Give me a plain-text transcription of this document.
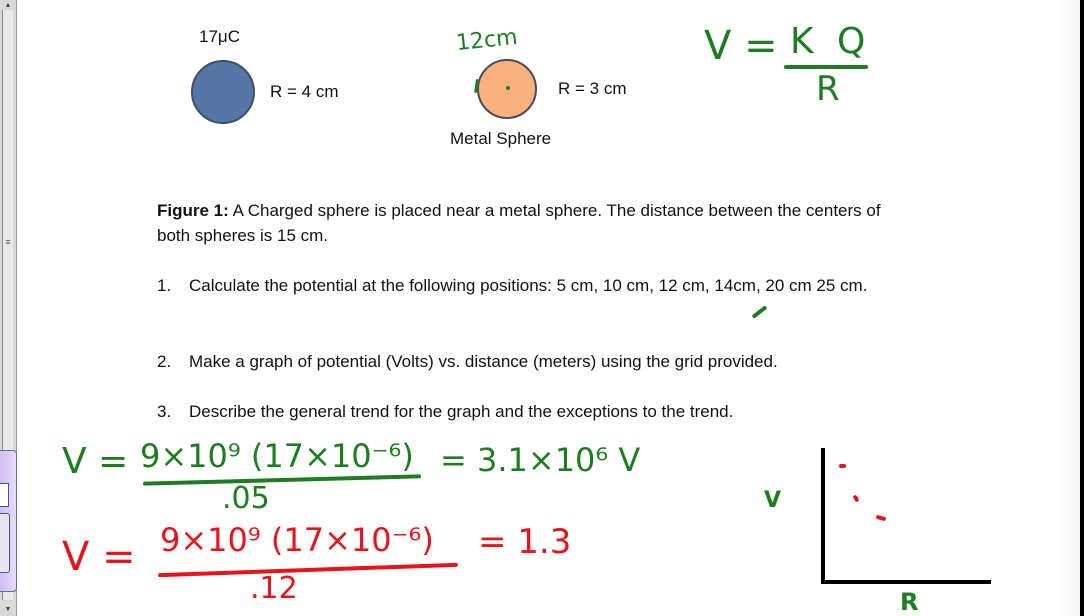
▲
≡
▼
17μC
R = 4 cm	R = 3 cm
Metal Sphere
12cm	V = K Q
R
Figure 1: A Charged sphere is placed near a metal sphere. The distance between the centers of both spheres is 15 cm.
1. Calculate the potential at the following positions: 5 cm, 10 cm, 12 cm, 14cm, 20 cm 25 cm.
2. Make a graph of potential (Volts) vs. distance (meters) using the grid provided.
3. Describe the general trend for the graph and the exceptions to the trend.
V = 9×10⁹ (17×10⁻⁶)
.05
= 3.1×10⁶ V
V = 9×10⁹ (17×10⁻⁶)
.12
= 1.3
V
R
